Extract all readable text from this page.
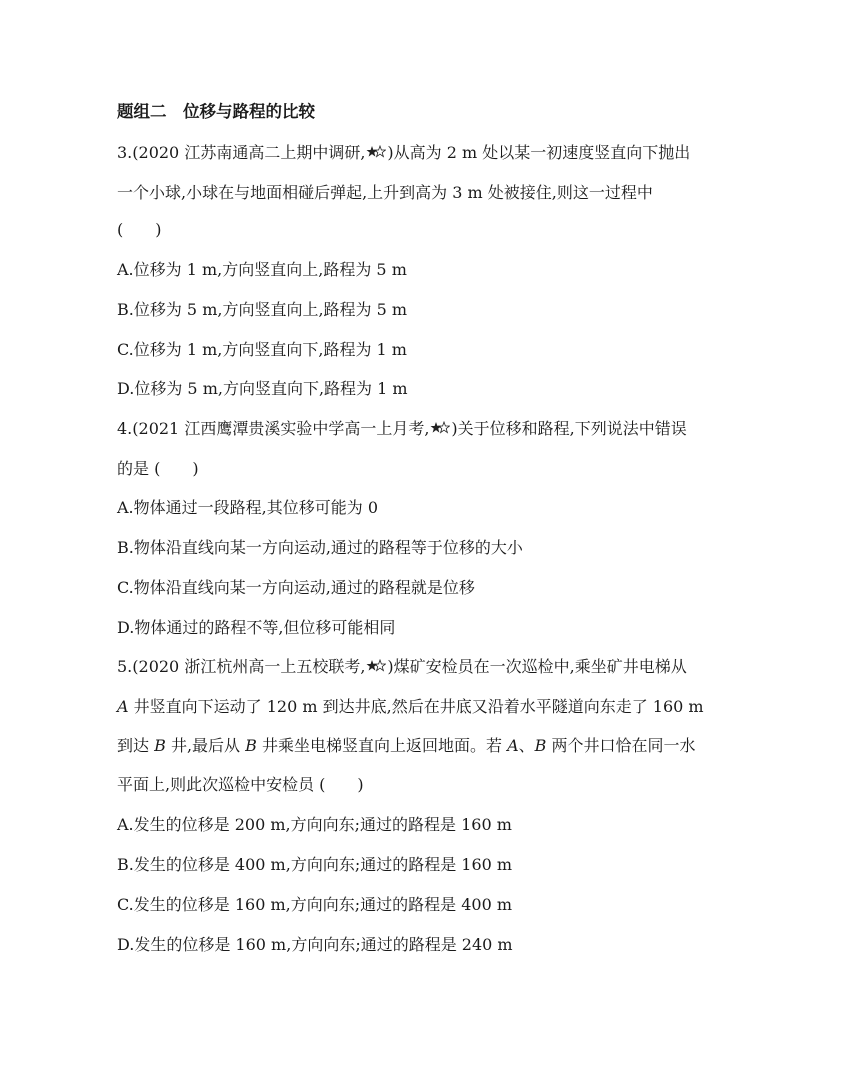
题组二　位移与路程的比较
3.(2020 江苏南通高二上期中调研, )从高为 2 m 处以某一初速度竖直向下抛出
一个小球,小球在与地面相碰后弹起,上升到高为 3 m 处被接住,则这一过程中
(　　)
A.位移为 1 m,方向竖直向上,路程为 5 m
B.位移为 5 m,方向竖直向上,路程为 5 m
C.位移为 1 m,方向竖直向下,路程为 1 m
D.位移为 5 m,方向竖直向下,路程为 1 m
4.(2021 江西鹰潭贵溪实验中学高一上月考, )关于位移和路程,下列说法中错误
的是 (　　)
A.物体通过一段路程,其位移可能为 0
B.物体沿直线向某一方向运动,通过的路程等于位移的大小
C.物体沿直线向某一方向运动,通过的路程就是位移
D.物体通过的路程不等,但位移可能相同
5.(2020 浙江杭州高一上五校联考, )煤矿安检员在一次巡检中,乘坐矿井电梯从
A 井竖直向下运动了 120 m 到达井底,然后在井底又沿着水平隧道向东走了 160 m
到达 B 井,最后从 B 井乘坐电梯竖直向上返回地面。若 A、B 两个井口恰在同一水
平面上,则此次巡检中安检员 (　　)
A.发生的位移是 200 m,方向向东;通过的路程是 160 m
B.发生的位移是 400 m,方向向东;通过的路程是 160 m
C.发生的位移是 160 m,方向向东;通过的路程是 400 m
D.发生的位移是 160 m,方向向东;通过的路程是 240 m
